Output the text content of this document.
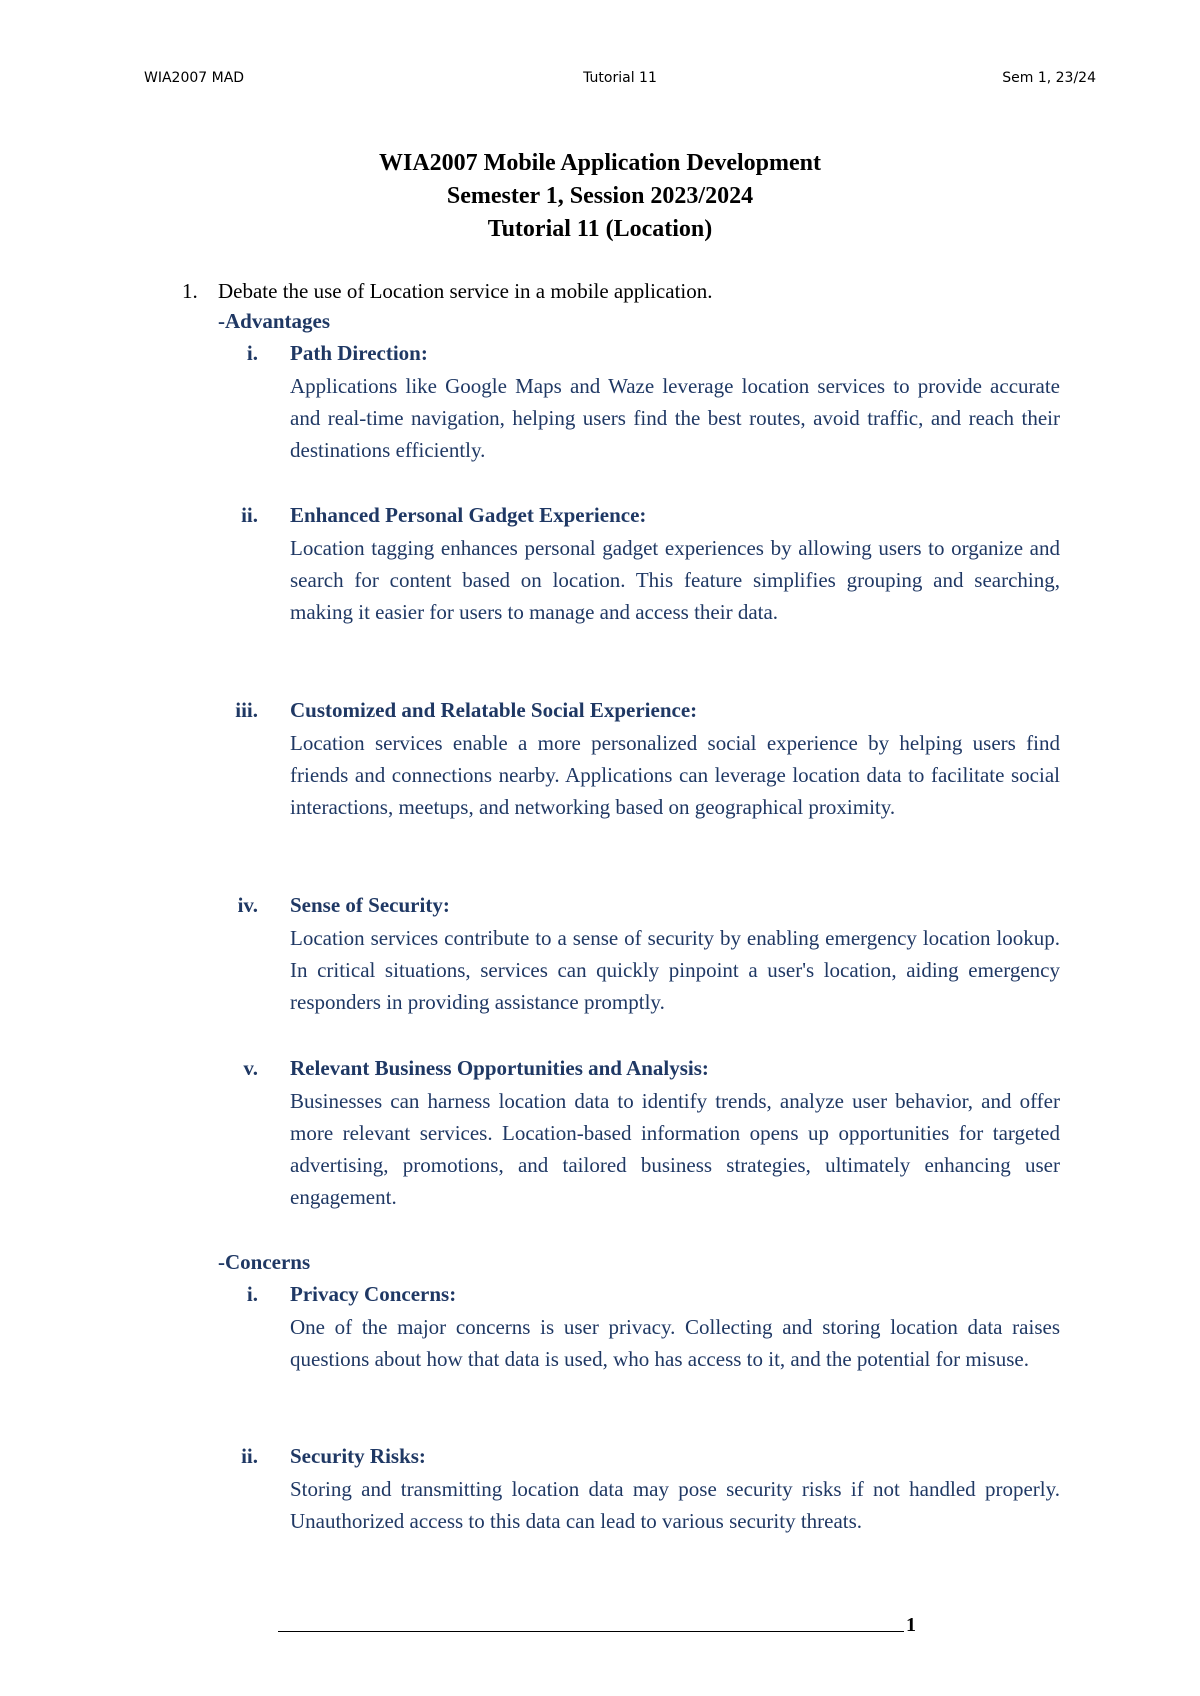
WIA2007 MAD	Tutorial 11	Sem 1, 23/24
WIA2007 Mobile Application Development
Semester 1, Session 2023/2024
Tutorial 11 (Location)
1. Debate the use of Location service in a mobile application.
-Advantages
i. Path Direction:
Applications like Google Maps and Waze leverage location services to provide accurate and real-time navigation, helping users find the best routes, avoid traffic, and reach their destinations efficiently.
ii. Enhanced Personal Gadget Experience:
Location tagging enhances personal gadget experiences by allowing users to organize and search for content based on location. This feature simplifies grouping and searching, making it easier for users to manage and access their data.
iii. Customized and Relatable Social Experience:
Location services enable a more personalized social experience by helping users find friends and connections nearby. Applications can leverage location data to facilitate social interactions, meetups, and networking based on geographical proximity.
iv. Sense of Security:
Location services contribute to a sense of security by enabling emergency location lookup. In critical situations, services can quickly pinpoint a user's location, aiding emergency responders in providing assistance promptly.
v. Relevant Business Opportunities and Analysis:
Businesses can harness location data to identify trends, analyze user behavior, and offer more relevant services. Location-based information opens up opportunities for targeted advertising, promotions, and tailored business strategies, ultimately enhancing user engagement.
-Concerns
i. Privacy Concerns:
One of the major concerns is user privacy. Collecting and storing location data raises questions about how that data is used, who has access to it, and the potential for misuse.
ii. Security Risks:
Storing and transmitting location data may pose security risks if not handled properly. Unauthorized access to this data can lead to various security threats.
1
